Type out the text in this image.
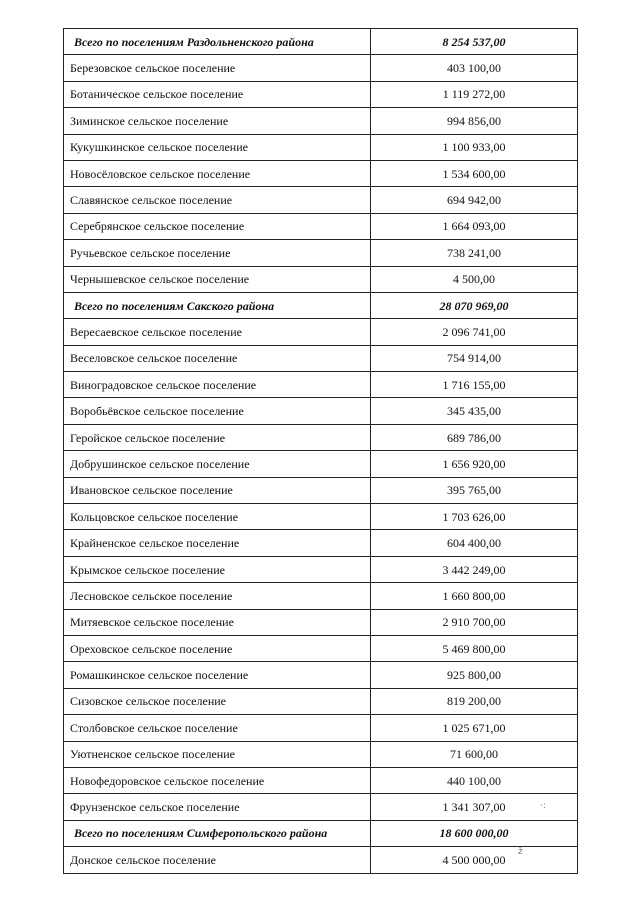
Всего по поселениям Раздольненского района	8 254 537,00
Березовское сельское поселение	403 100,00
Ботаническое сельское поселение	1 119 272,00
Зиминское сельское поселение	994 856,00
Кукушкинское сельское поселение	1 100 933,00
Новосёловское сельское поселение	1 534 600,00
Славянское сельское поселение	694 942,00
Серебрянское сельское поселение	1 664 093,00
Ручьевское сельское поселение	738 241,00
Чернышевское сельское поселение	4 500,00
Всего по поселениям Сакского района	28 070 969,00
Вересаевское сельское поселение	2 096 741,00
Веселовское сельское поселение	754 914,00
Виноградовское сельское поселение	1 716 155,00
Воробьёвское сельское поселение	345 435,00
Геройское сельское поселение	689 786,00
Добрушинское сельское поселение	1 656 920,00
Ивановское сельское поселение	395 765,00
Кольцовское сельское поселение	1 703 626,00
Крайненское сельское поселение	604 400,00
Крымское сельское поселение	3 442 249,00
Лесновское сельское поселение	1 660 800,00
Митяевское сельское поселение	2 910 700,00
Ореховское сельское поселение	5 469 800,00
Ромашкинское сельское поселение	925 800,00
Сизовское сельское поселение	819 200,00
Столбовское сельское поселение	1 025 671,00
Уютненское сельское поселение	71 600,00
Новофедоровское сельское поселение	440 100,00
Фрунзенское сельское поселение	1 341 307,00
Всего по поселениям Симферопольского района	18 600 000,00
Донское сельское поселение	4 500 000,00
·:
ž
